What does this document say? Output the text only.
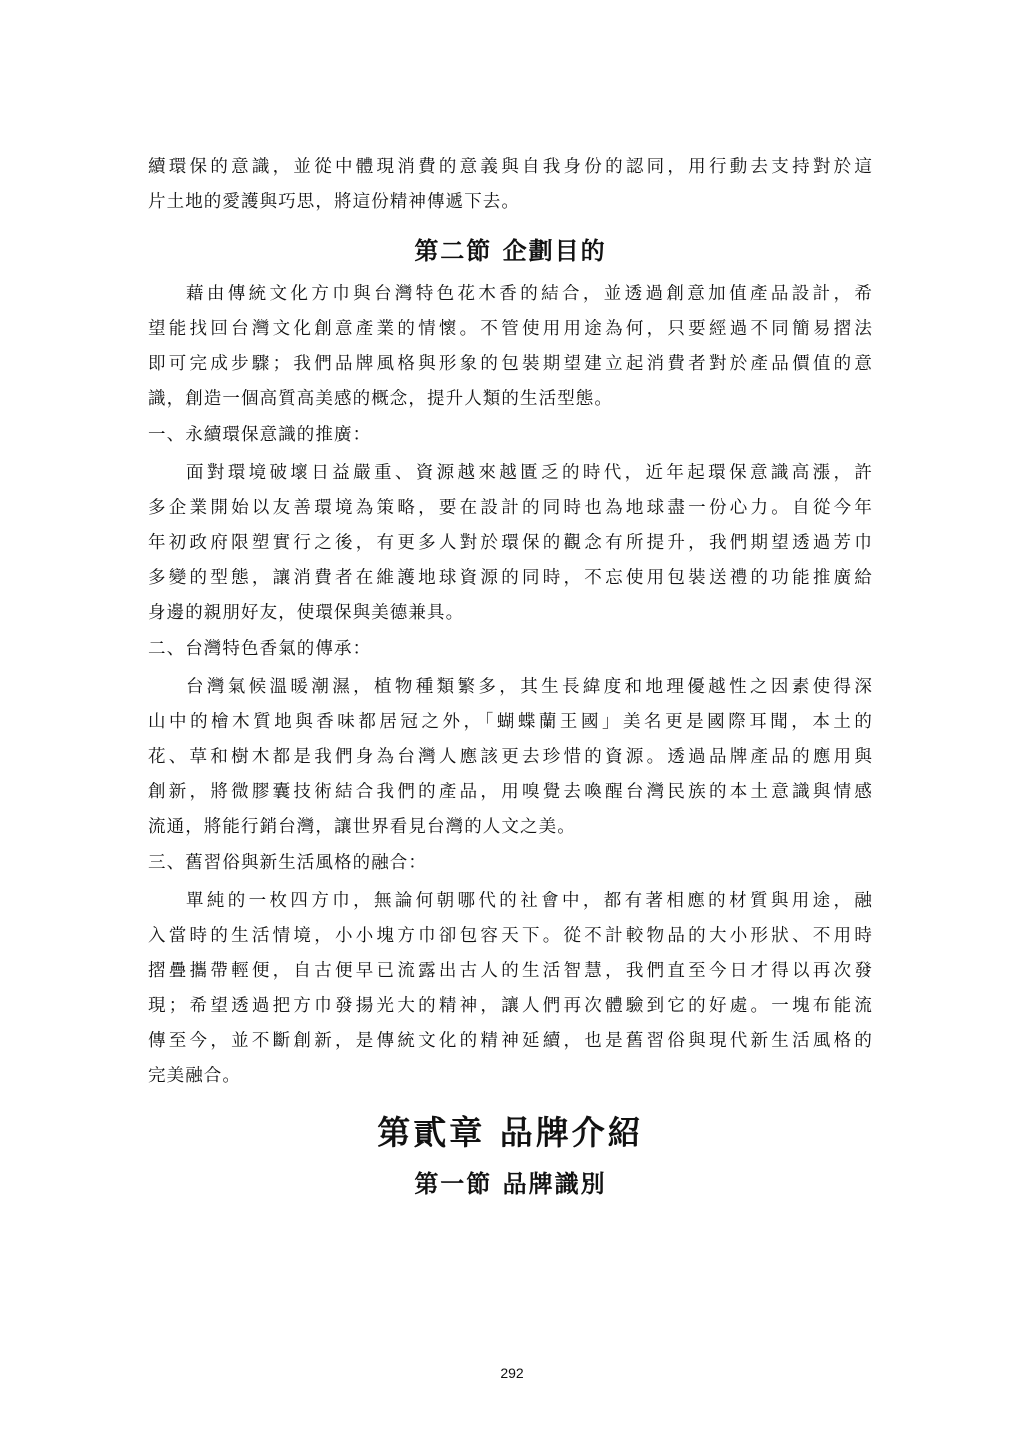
續環保的意識，並從中體現消費的意義與自我身份的認同，用行動去支持對於這

片土地的愛護與巧思，將這份精神傳遞下去。

第二節 企劃目的

藉由傳統文化方巾與台灣特色花木香的結合，並透過創意加值產品設計，希

望能找回台灣文化創意產業的情懷。不管使用用途為何，只要經過不同簡易摺法

即可完成步驟；我們品牌風格與形象的包裝期望建立起消費者對於產品價值的意

識，創造一個高質高美感的概念，提升人類的生活型態。

一、永續環保意識的推廣：

面對環境破壞日益嚴重、資源越來越匱乏的時代，近年起環保意識高漲，許

多企業開始以友善環境為策略，要在設計的同時也為地球盡一份心力。自從今年

年初政府限塑實行之後，有更多人對於環保的觀念有所提升，我們期望透過芳巾

多變的型態，讓消費者在維護地球資源的同時，不忘使用包裝送禮的功能推廣給

身邊的親朋好友，使環保與美德兼具。

二、台灣特色香氣的傳承：

台灣氣候溫暖潮濕，植物種類繁多，其生長緯度和地理優越性之因素使得深

山中的檜木質地與香味都居冠之外，「蝴蝶蘭王國」美名更是國際耳聞，本土的

花、草和樹木都是我們身為台灣人應該更去珍惜的資源。透過品牌產品的應用與

創新，將微膠囊技術結合我們的產品，用嗅覺去喚醒台灣民族的本土意識與情感

流通，將能行銷台灣，讓世界看見台灣的人文之美。

三、舊習俗與新生活風格的融合：

單純的一枚四方巾，無論何朝哪代的社會中，都有著相應的材質與用途，融

入當時的生活情境，小小塊方巾卻包容天下。從不計較物品的大小形狀、不用時

摺疊攜帶輕便，自古便早已流露出古人的生活智慧，我們直至今日才得以再次發

現；希望透過把方巾發揚光大的精神，讓人們再次體驗到它的好處。一塊布能流

傳至今，並不斷創新，是傳統文化的精神延續，也是舊習俗與現代新生活風格的

完美融合。

第貳章 品牌介紹
第一節 品牌識別
292
